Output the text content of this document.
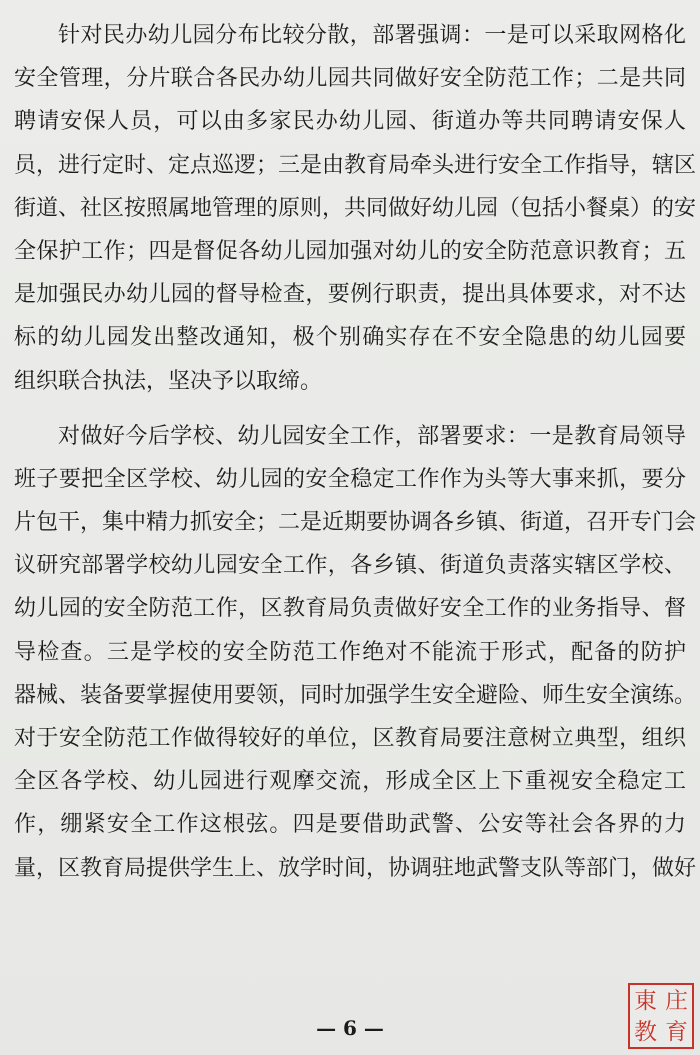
针对民办幼儿园分布比较分散，部署强调：一是可以采取网格化
安全管理，分片联合各民办幼儿园共同做好安全防范工作；二是共同
聘请安保人员，可以由多家民办幼儿园、街道办等共同聘请安保人
员，进行定时、定点巡逻；三是由教育局牵头进行安全工作指导，辖区
街道、社区按照属地管理的原则，共同做好幼儿园（包括小餐桌）的安
全保护工作；四是督促各幼儿园加强对幼儿的安全防范意识教育；五
是加强民办幼儿园的督导检查，要例行职责，提出具体要求，对不达
标的幼儿园发出整改通知，极个别确实存在不安全隐患的幼儿园要
组织联合执法，坚决予以取缔。
对做好今后学校、幼儿园安全工作，部署要求：一是教育局领导
班子要把全区学校、幼儿园的安全稳定工作作为头等大事来抓，要分
片包干，集中精力抓安全；二是近期要协调各乡镇、街道，召开专门会
议研究部署学校幼儿园安全工作，各乡镇、街道负责落实辖区学校、
幼儿园的安全防范工作，区教育局负责做好安全工作的业务指导、督
导检查。三是学校的安全防范工作绝对不能流于形式，配备的防护
器械、装备要掌握使用要领，同时加强学生安全避险、师生安全演练。
对于安全防范工作做得较好的单位，区教育局要注意树立典型，组织
全区各学校、幼儿园进行观摩交流，形成全区上下重视安全稳定工
作，绷紧安全工作这根弦。四是要借助武警、公安等社会各界的力
量，区教育局提供学生上、放学时间，协调驻地武警支队等部门，做好
— 6 —
東 庄
教 育
